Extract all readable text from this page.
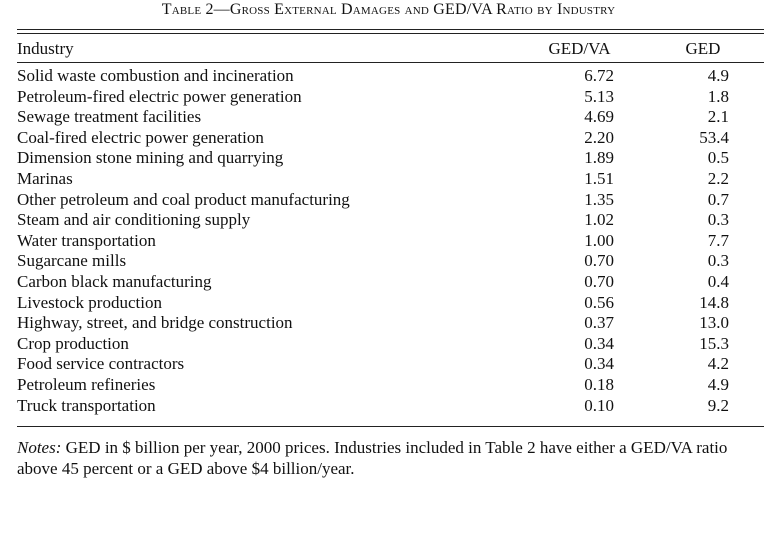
Table 2—Gross External Damages and GED/VA Ratio by Industry
Industry	GED/VA	GED
Solid waste combustion and incineration	6.72	4.9
Petroleum-fired electric power generation	5.13	1.8
Sewage treatment facilities	4.69	2.1
Coal-fired electric power generation	2.20	53.4
Dimension stone mining and quarrying	1.89	0.5
Marinas	1.51	2.2
Other petroleum and coal product manufacturing	1.35	0.7
Steam and air conditioning supply	1.02	0.3
Water transportation	1.00	7.7
Sugarcane mills	0.70	0.3
Carbon black manufacturing	0.70	0.4
Livestock production	0.56	14.8
Highway, street, and bridge construction	0.37	13.0
Crop production	0.34	15.3
Food service contractors	0.34	4.2
Petroleum refineries	0.18	4.9
Truck transportation	0.10	9.2
Notes: GED in $ billion per year, 2000 prices. Industries included in Table 2 have either a GED/VA ratio above 45 percent or a GED above $4 billion/year.
